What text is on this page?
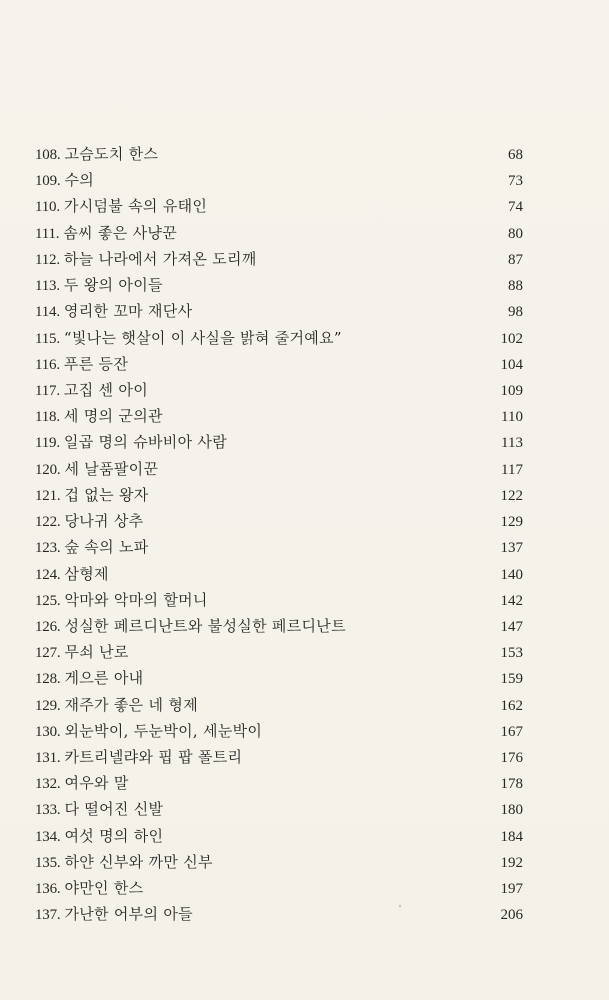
108. 고슴도치 한스	68
109. 수의	73
110. 가시덤불 속의 유태인	74
111. 솜씨 좋은 사냥꾼	80
112. 하늘 나라에서 가져온 도리깨	87
113. 두 왕의 아이들	88
114. 영리한 꼬마 재단사	98
115. “빛나는 햇살이 이 사실을 밝혀 줄거예요”	102
116. 푸른 등잔	104
117. 고집 센 아이	109
118. 세 명의 군의관	110
119. 일곱 명의 슈바비아 사람	113
120. 세 날품팔이꾼	117
121. 겁 없는 왕자	122
122. 당나귀 상추	129
123. 숲 속의 노파	137
124. 삼형제	140
125. 악마와 악마의 할머니	142
126. 성실한 페르디난트와 불성실한 페르디난트	147
127. 무쇠 난로	153
128. 게으른 아내	159
129. 재주가 좋은 네 형제	162
130. 외눈박이, 두눈박이, 세눈박이	167
131. 카트리넬랴와 핍 팝 폴트리	176
132. 여우와 말	178
133. 다 떨어진 신발	180
134. 여섯 명의 하인	184
135. 하얀 신부와 까만 신부	192
136. 야만인 한스	197
137. 가난한 어부의 아들	206
